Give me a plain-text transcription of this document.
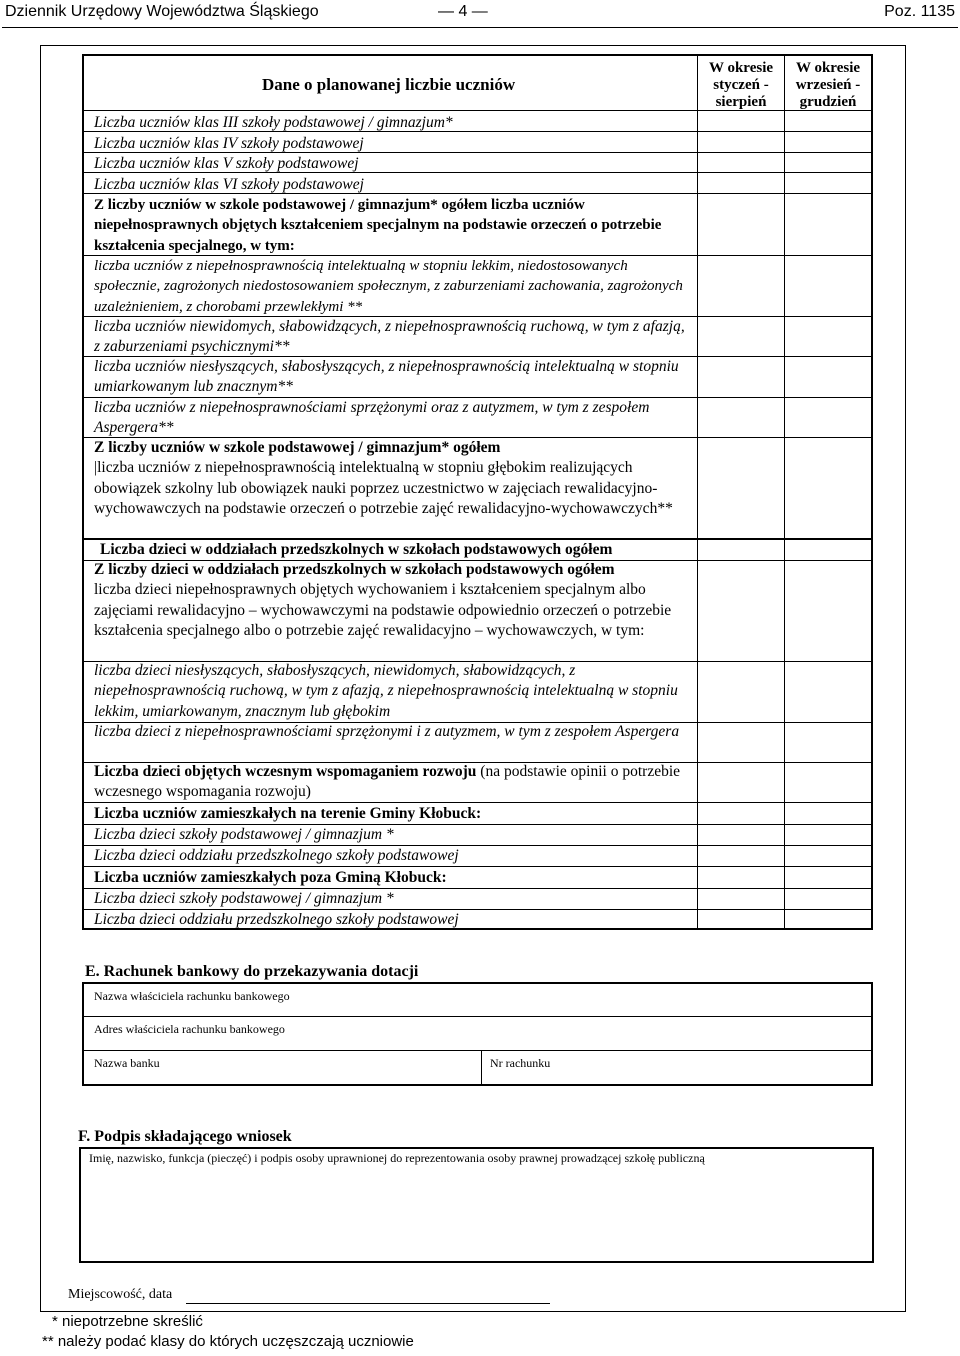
Dziennik Urzędowy Województwa Śląskiego	— 4 —	Poz. 1135
Dane o planowanej liczbie uczniów
W okresie
styczeń -
sierpień
W okresie
wrzesień -
grudzień
Liczba uczniów klas III szkoły podstawowej / gimnazjum*
Liczba uczniów klas IV szkoły podstawowej
Liczba uczniów klas V szkoły podstawowej
Liczba uczniów klas VI szkoły podstawowej
Z liczby uczniów w szkole podstawowej / gimnazjum* ogółem liczba uczniów niepełnosprawnych objętych kształceniem specjalnym na podstawie orzeczeń o potrzebie kształcenia specjalnego, w tym:
liczba uczniów z niepełnosprawnością intelektualną w stopniu lekkim, niedostosowanych społecznie, zagrożonych niedostosowaniem społecznym, z zaburzeniami zachowania, zagrożonych uzależnieniem, z chorobami przewlekłymi **
liczba uczniów niewidomych, słabowidzących, z niepełnosprawnością ruchową, w tym z afazją, z zaburzeniami psychicznymi**
liczba uczniów niesłyszących, słabosłyszących, z niepełnosprawnością intelektualną w stopniu umiarkowanym lub znacznym**
liczba uczniów z niepełnosprawnościami sprzężonymi oraz z autyzmem, w tym z zespołem Aspergera**
Z liczby uczniów w szkole podstawowej / gimnazjum* ogółem
|liczba uczniów z niepełnosprawnością intelektualną w stopniu głębokim realizujących obowiązek szkolny lub obowiązek nauki poprzez uczestnictwo w zajęciach rewalidacyjno-wychowawczych na podstawie orzeczeń o potrzebie zajęć rewalidacyjno-wychowawczych**
Liczba dzieci w oddziałach przedszkolnych w szkołach podstawowych ogółem
Z liczby dzieci w oddziałach przedszkolnych w szkołach podstawowych ogółem
liczba dzieci niepełnosprawnych objętych wychowaniem i kształceniem specjalnym albo zajęciami rewalidacyjno – wychowawczymi na podstawie odpowiednio orzeczeń o potrzebie kształcenia specjalnego albo o potrzebie zajęć rewalidacyjno – wychowawczych, w tym:
liczba dzieci niesłyszących, słabosłyszących, niewidomych, słabowidzących, z niepełnosprawnością ruchową, w tym z afazją, z niepełnosprawnością intelektualną w stopniu lekkim, umiarkowanym, znacznym lub głębokim
liczba dzieci z niepełnosprawnościami sprzężonymi i z autyzmem, w tym z zespołem Aspergera
Liczba dzieci objętych wczesnym wspomaganiem rozwoju (na podstawie opinii o potrzebie wczesnego wspomagania rozwoju)
Liczba uczniów zamieszkałych na terenie Gminy Kłobuck:
Liczba dzieci szkoły podstawowej / gimnazjum *
Liczba dzieci oddziału przedszkolnego szkoły podstawowej
Liczba uczniów zamieszkałych poza Gminą Kłobuck:
Liczba dzieci szkoły podstawowej / gimnazjum *
Liczba dzieci oddziału przedszkolnego szkoły podstawowej
E. Rachunek bankowy do przekazywania dotacji
Nazwa właściciela rachunku bankowego
Adres właściciela rachunku bankowego
Nazwa banku	Nr rachunku
F. Podpis składającego wniosek
Imię, nazwisko, funkcja (pieczęć) i podpis osoby uprawnionej do reprezentowania osoby prawnej prowadzącej szkołę publiczną
Miejscowość, data
* niepotrzebne skreślić
** należy podać klasy do których uczęszczają uczniowie
